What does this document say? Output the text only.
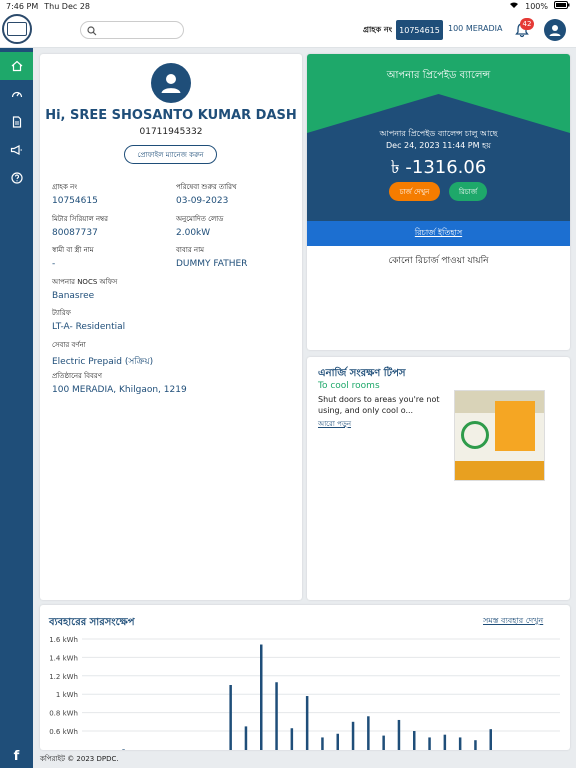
7:46 PM Thu Dec 28	100%
গ্রাহক নং 10754615	100 MERADIA	42
f
Hi, SREE SHOSANTO KUMAR DASH
01711945332
প্রোফাইল ম্যানেজ করুন
গ্রাহক নং
10754615
পরিষেবা শুরুর তারিখ
03-09-2023
মিটার সিরিয়াল নম্বর
80087737
অনুমোদিত লোড
2.00kW
স্বামী বা স্ত্রী নাম
-
বাবার নাম
DUMMY FATHER
আপনার NOCS অফিস
Banasree
ট্যারিফ
LT-A- Residential
সেবার বর্ণনা
Electric Prepaid (সক্রিয়)
প্রতিষ্ঠানের বিবরণ
100 MERADIA, Khilgaon, 1219
আপনার প্রিপেইড ব্যালেন্স
আপনার প্রিপেইড ব্যালেন্স চালু আছে
Dec 24, 2023 11:44 PM হয়
৳ -1316.06
চার্জ দেখুন	রিচার্জ
রিচার্জ ইতিহাস
কোনো রিচার্জ পাওয়া যায়নি
এনার্জি সংরক্ষণ টিপস
To cool rooms
Shut doors to areas you're not using, and only cool o...
আরো পড়ুন
ব্যবহারের সারসংক্ষেপ	সমস্ত ব্যবহার দেখুন
1.6 kWh
1.4 kWh
1.2 kWh
1 kWh
0.8 kWh
0.6 kWh
কপিরাইট © 2023 DPDC.
